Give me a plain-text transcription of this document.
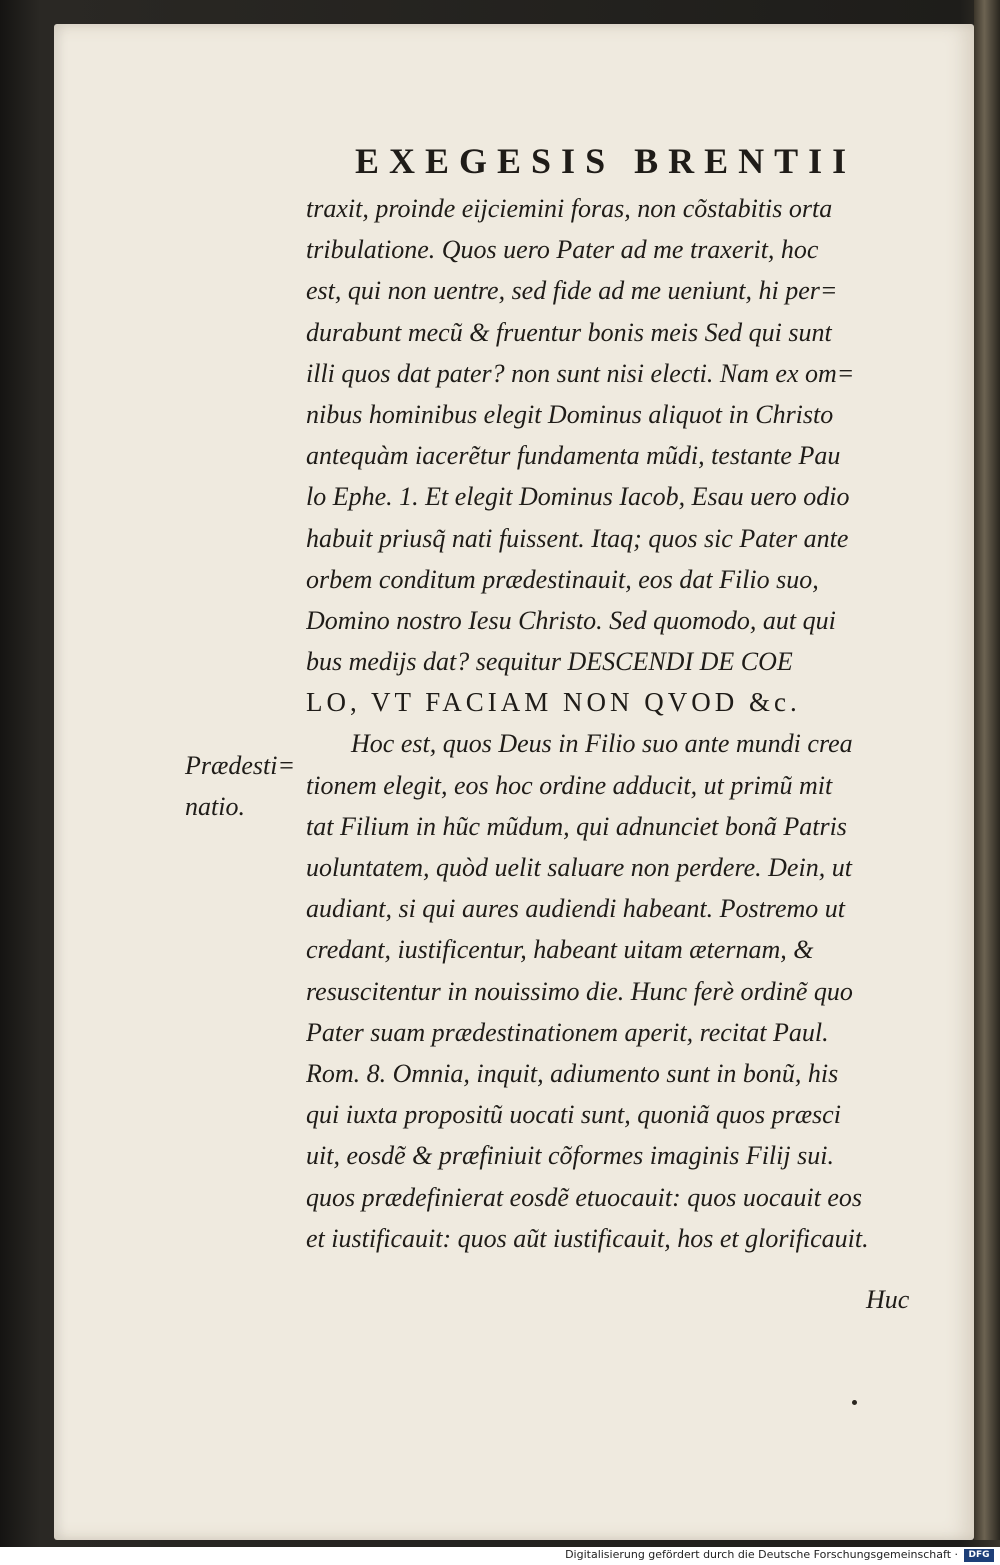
EXEGESIS BRENTII
traxit, proinde eijciemini foras, non cõstabitis orta
tribulatione. Quos uero Pater ad me traxerit, hoc
est, qui non uentre, sed fide ad me ueniunt, hi per=
durabunt mecũ & fruentur bonis meis Sed qui sunt
illi quos dat pater? non sunt nisi electi. Nam ex om=
nibus hominibus elegit Dominus aliquot in Christo
antequàm iacerẽtur fundamenta mũdi, testante Pau
lo Ephe. 1. Et elegit Dominus Iacob, Esau uero odio
habuit priusq̃ nati fuissent. Itaq; quos sic Pater ante
orbem conditum prædestinauit, eos dat Filio suo,
Domino nostro Iesu Christo. Sed quomodo, aut qui
bus medijs dat? sequitur DESCENDI DE COE
LO, VT FACIAM NON QVOD &c.
Hoc est, quos Deus in Filio suo ante mundi crea
tionem elegit, eos hoc ordine adducit, ut primũ mit
tat Filium in hũc mũdum, qui adnunciet bonã Patris
uoluntatem, quòd uelit saluare non perdere. Dein, ut
audiant, si qui aures audiendi habeant. Postremo ut
credant, iustificentur, habeant uitam æternam, &
resuscitentur in nouissimo die. Hunc ferè ordinẽ quo
Pater suam prædestinationem aperit, recitat Paul.
Rom. 8. Omnia, inquit, adiumento sunt in bonũ, his
qui iuxta propositũ uocati sunt, quoniã quos præsci
uit, eosdẽ & præfiniuit cõformes imaginis Filij sui.
quos prædefinierat eosdẽ etuocauit: quos uocauit eos
et iustificauit: quos aũt iustificauit, hos et glorificauit.
Prædesti=
natio.
Huc
Digitalisierung gefördert durch die Deutsche Forschungsgemeinschaft ·	DFG
